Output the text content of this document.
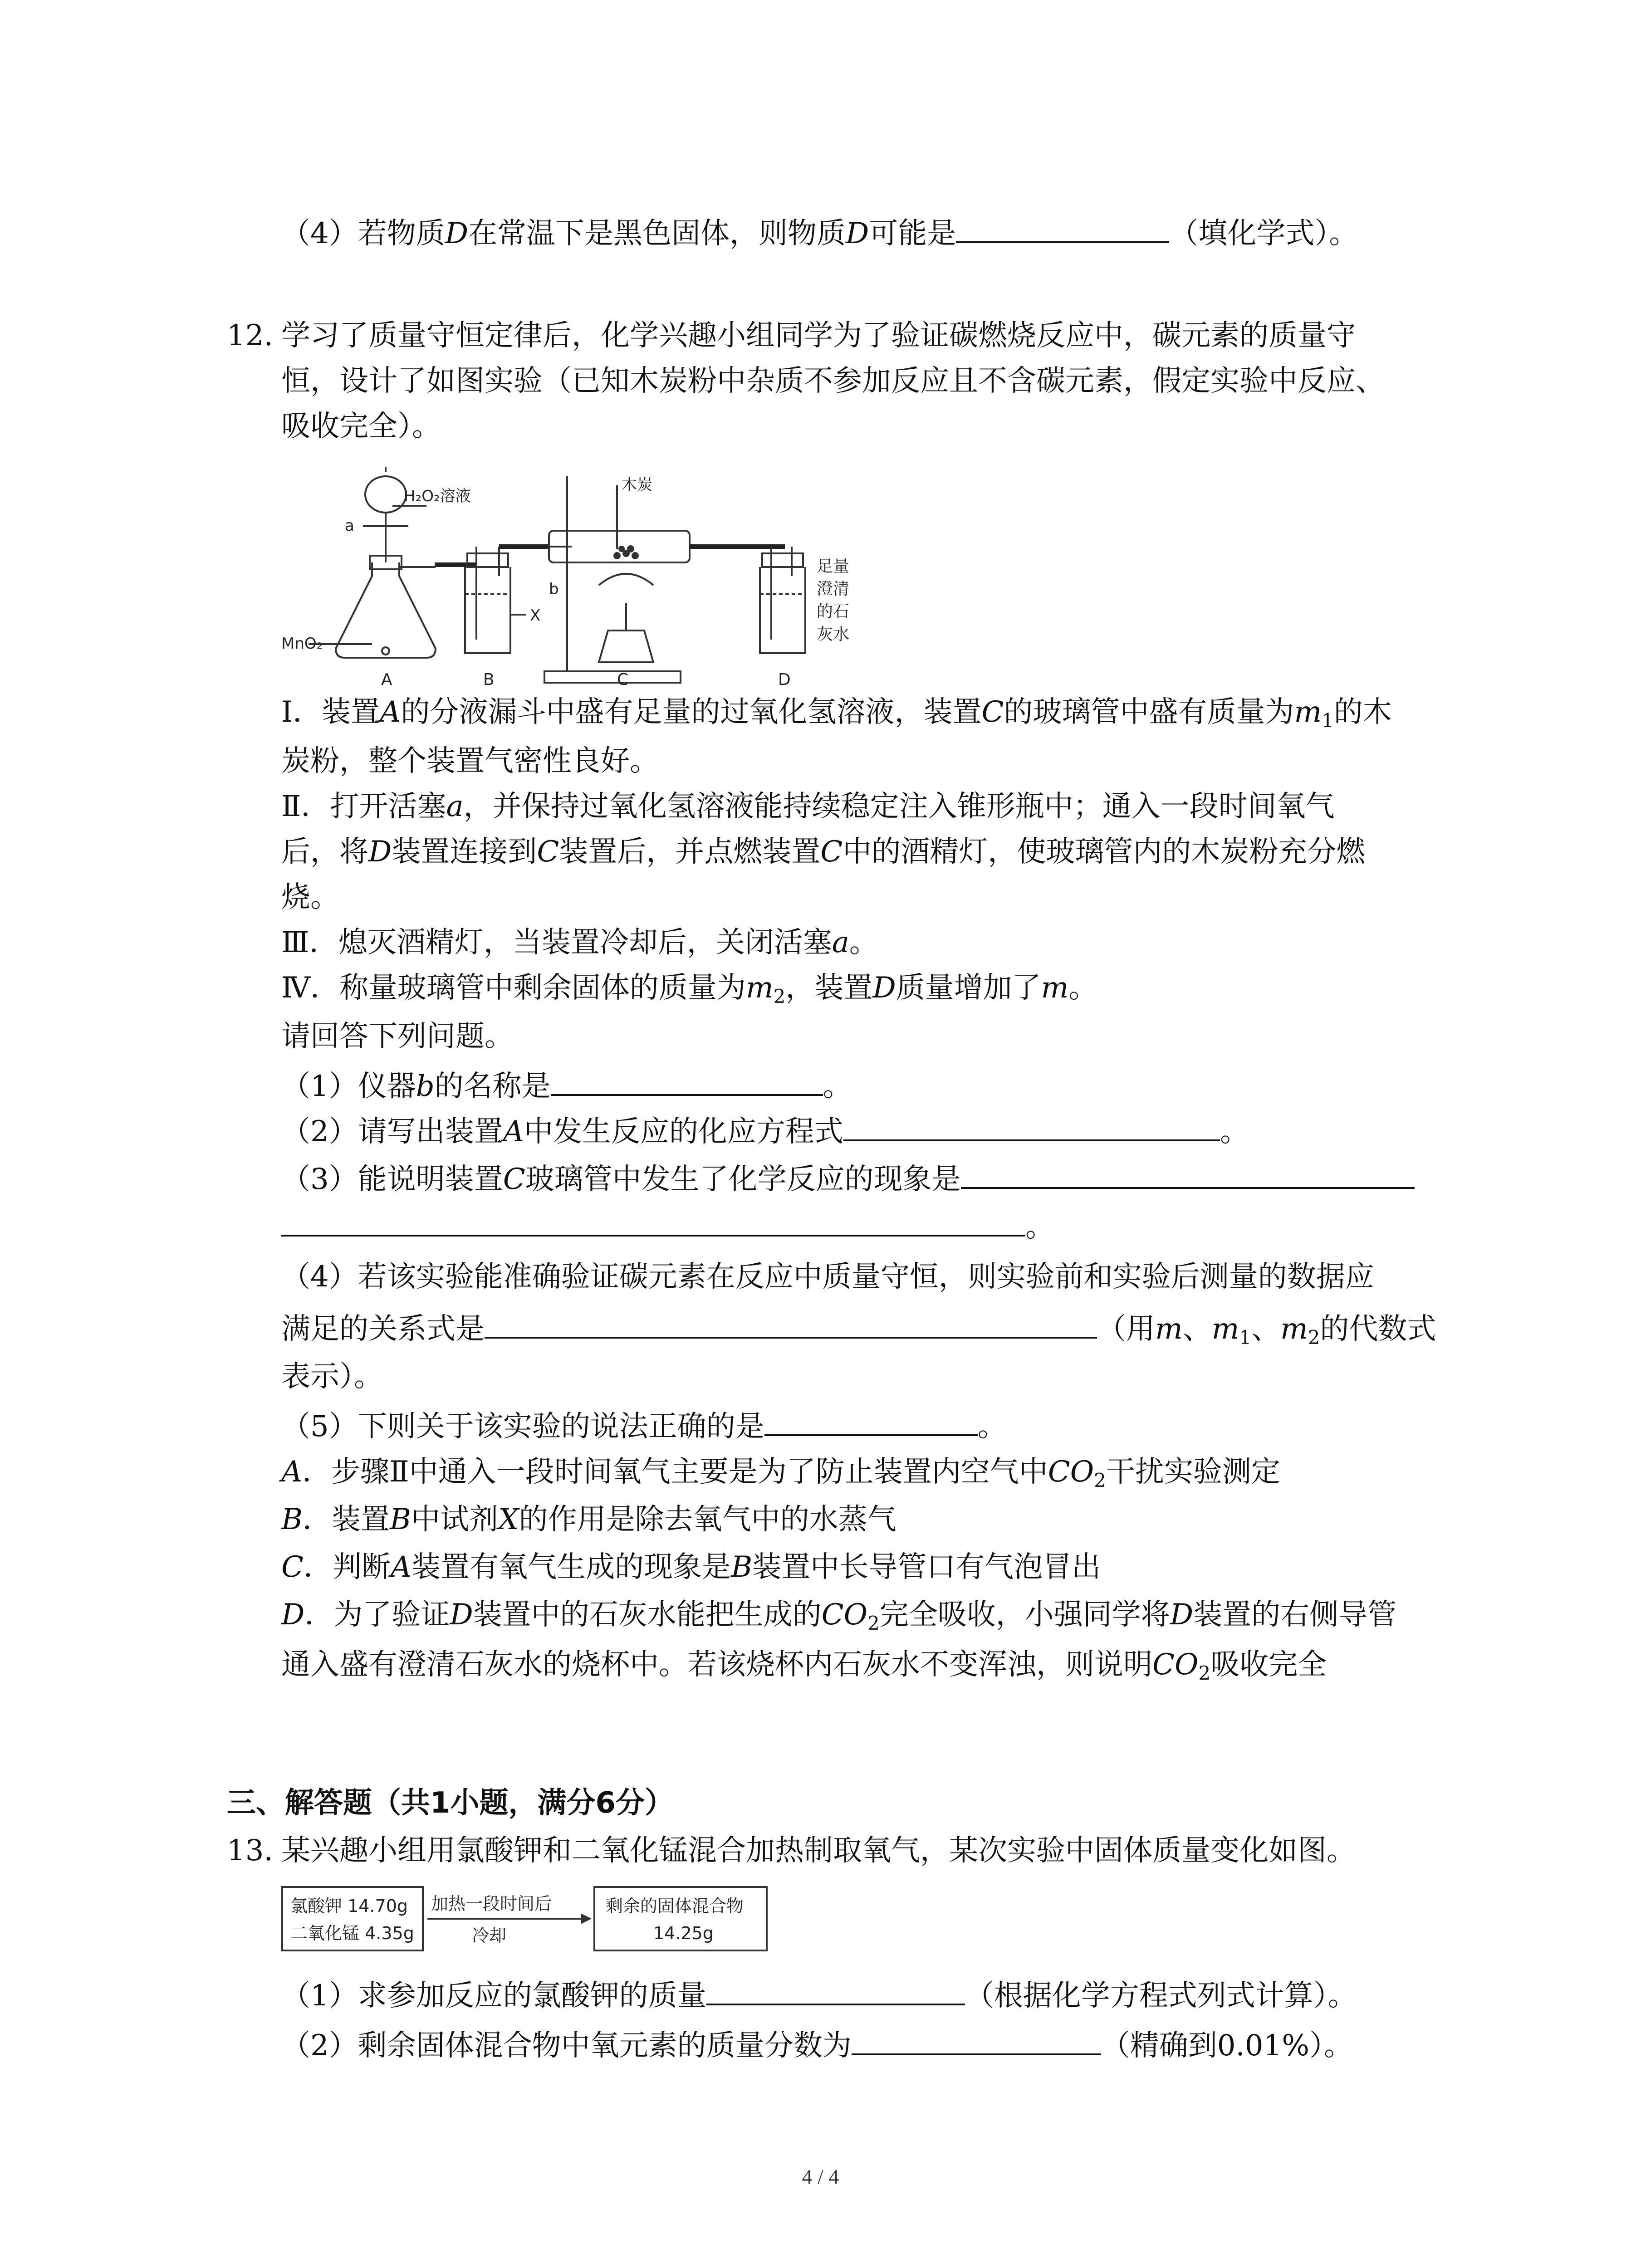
（4）若物质D在常温下是黑色固体，则物质D可能是	（填化学式）。
12. 学习了质量守恒定律后，化学兴趣小组同学为了验证碳燃烧反应中，碳元素的质量守
恒，设计了如图实验（已知木炭粉中杂质不参加反应且不含碳元素，假定实验中反应、
吸收完全）。
H₂O₂溶液
a
MnO₂
X
b
木炭
足量
澄清
的石
灰水
A	B	C	D
Ⅰ．装置A的分液漏斗中盛有足量的过氧化氢溶液，装置C的玻璃管中盛有质量为$m_1$的木
炭粉，整个装置气密性良好。
Ⅱ．打开活塞a，并保持过氧化氢溶液能持续稳定注入锥形瓶中；通入一段时间氧气
后，将D装置连接到C装置后，并点燃装置C中的酒精灯，使玻璃管内的木炭粉充分燃
烧。
Ⅲ．熄灭酒精灯，当装置冷却后，关闭活塞a。
Ⅳ．称量玻璃管中剩余固体的质量为$m_2$，装置D质量增加了m。
请回答下列问题。
（1）仪器b的名称是	。
（2）请写出装置A中发生反应的化应方程式	。
（3）能说明装置C玻璃管中发生了化学反应的现象是
。
（4）若该实验能准确验证碳元素在反应中质量守恒，则实验前和实验后测量的数据应
满足的关系式是	（用m、$m_1$、$m_2$的代数式
表示）。
（5）下则关于该实验的说法正确的是	。
A．步骤Ⅱ中通入一段时间氧气主要是为了防止装置内空气中$CO_2$干扰实验测定
B．装置B中试剂X的作用是除去氧气中的水蒸气
C．判断A装置有氧气生成的现象是B装置中长导管口有气泡冒出
D．为了验证D装置中的石灰水能把生成的$CO_2$完全吸收，小强同学将D装置的右侧导管
通入盛有澄清石灰水的烧杯中。若该烧杯内石灰水不变浑浊，则说明$CO_2$吸收完全
三、解答题（共1小题，满分6分）
13. 某兴趣小组用氯酸钾和二氧化锰混合加热制取氧气，某次实验中固体质量变化如图。
氯酸钾 14.70g
二氧化锰 4.35g
加热一段时间后
冷却
剩余的固体混合物
14.25g
（1）求参加反应的氯酸钾的质量	（根据化学方程式列式计算）。
（2）剩余固体混合物中氧元素的质量分数为	（精确到0.01%）。
4 / 4
